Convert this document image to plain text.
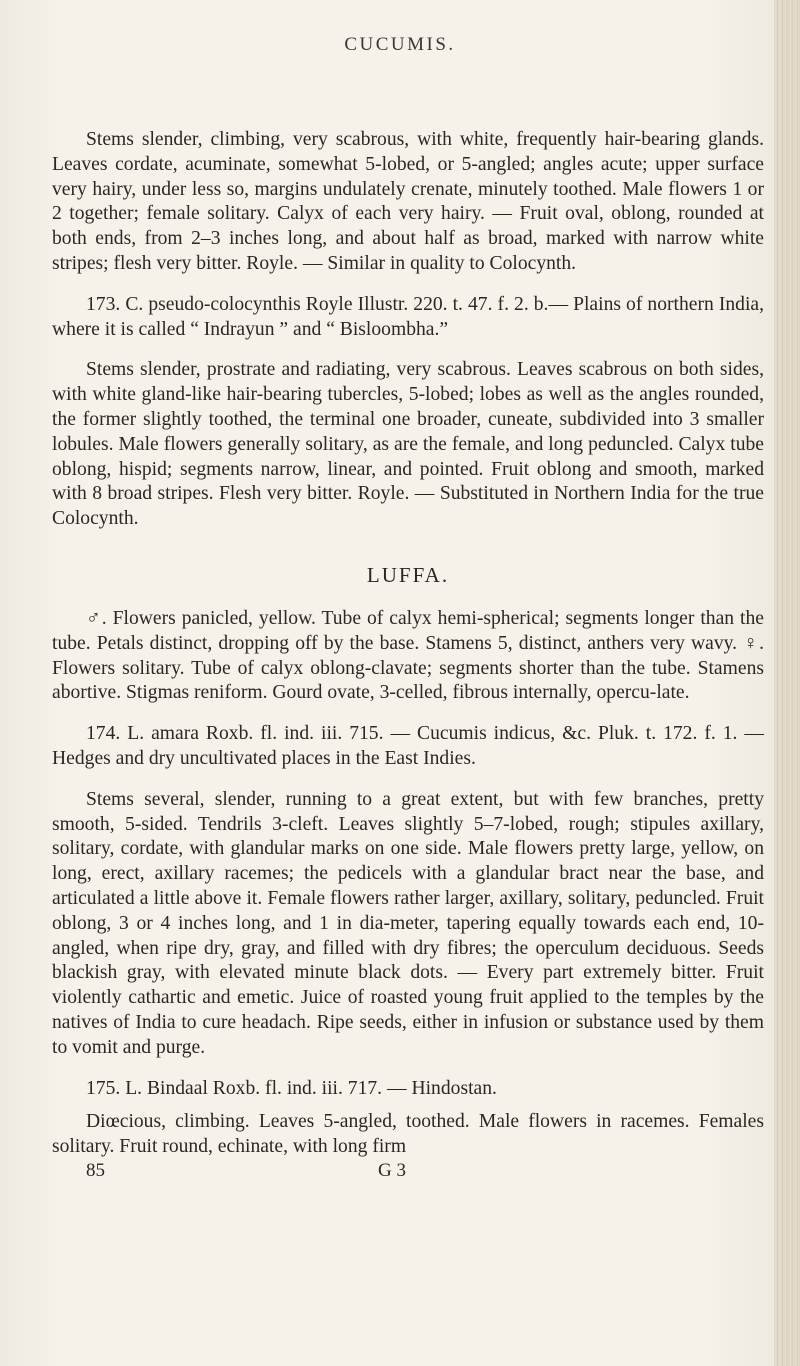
CUCUMIS.

Stems slender, climbing, very scabrous, with white, frequently hair-bearing glands. Leaves cordate, acuminate, somewhat 5-lobed, or 5-angled; angles acute; upper surface very hairy, under less so, margins undulately crenate, minutely toothed. Male flowers 1 or 2 together; female solitary. Calyx of each very hairy. — Fruit oval, oblong, rounded at both ends, from 2–3 inches long, and about half as broad, marked with narrow white stripes; flesh very bitter. Royle. — Similar in quality to Colocynth.

173. C. pseudo-colocynthis Royle Illustr. 220. t. 47. f. 2. b.— Plains of northern India, where it is called “ Indrayun ” and “ Bisloombha.”

Stems slender, prostrate and radiating, very scabrous. Leaves scabrous on both sides, with white gland-like hair-bearing tubercles, 5-lobed; lobes as well as the angles rounded, the former slightly toothed, the terminal one broader, cuneate, subdivided into 3 smaller lobules. Male flowers generally solitary, as are the female, and long peduncled. Calyx tube oblong, hispid; segments narrow, linear, and pointed. Fruit oblong and smooth, marked with 8 broad stripes. Flesh very bitter. Royle. — Substituted in Northern India for the true Colocynth.

LUFFA.

♂. Flowers panicled, yellow. Tube of calyx hemi-spherical; segments longer than the tube. Petals distinct, dropping off by the base. Stamens 5, distinct, anthers very wavy. ♀. Flowers solitary. Tube of calyx oblong-clavate; segments shorter than the tube. Stamens abortive. Stigmas reniform. Gourd ovate, 3-celled, fibrous internally, opercu-late.

174. L. amara Roxb. fl. ind. iii. 715. — Cucumis indicus, &c. Pluk. t. 172. f. 1. — Hedges and dry uncultivated places in the East Indies.

Stems several, slender, running to a great extent, but with few branches, pretty smooth, 5-sided. Tendrils 3-cleft. Leaves slightly 5–7-lobed, rough; stipules axillary, solitary, cordate, with glandular marks on one side. Male flowers pretty large, yellow, on long, erect, axillary racemes; the pedicels with a glandular bract near the base, and articulated a little above it. Female flowers rather larger, axillary, solitary, peduncled. Fruit oblong, 3 or 4 inches long, and 1 in dia-meter, tapering equally towards each end, 10-angled, when ripe dry, gray, and filled with dry fibres; the operculum deciduous. Seeds blackish gray, with elevated minute black dots. — Every part extremely bitter. Fruit violently cathartic and emetic. Juice of roasted young fruit applied to the temples by the natives of India to cure headach. Ripe seeds, either in infusion or substance used by them to vomit and purge.

175. L. Bindaal Roxb. fl. ind. iii. 717. — Hindostan.

Diœcious, climbing. Leaves 5-angled, toothed. Male flowers in racemes. Females solitary. Fruit round, echinate, with long firm

85	G 3
